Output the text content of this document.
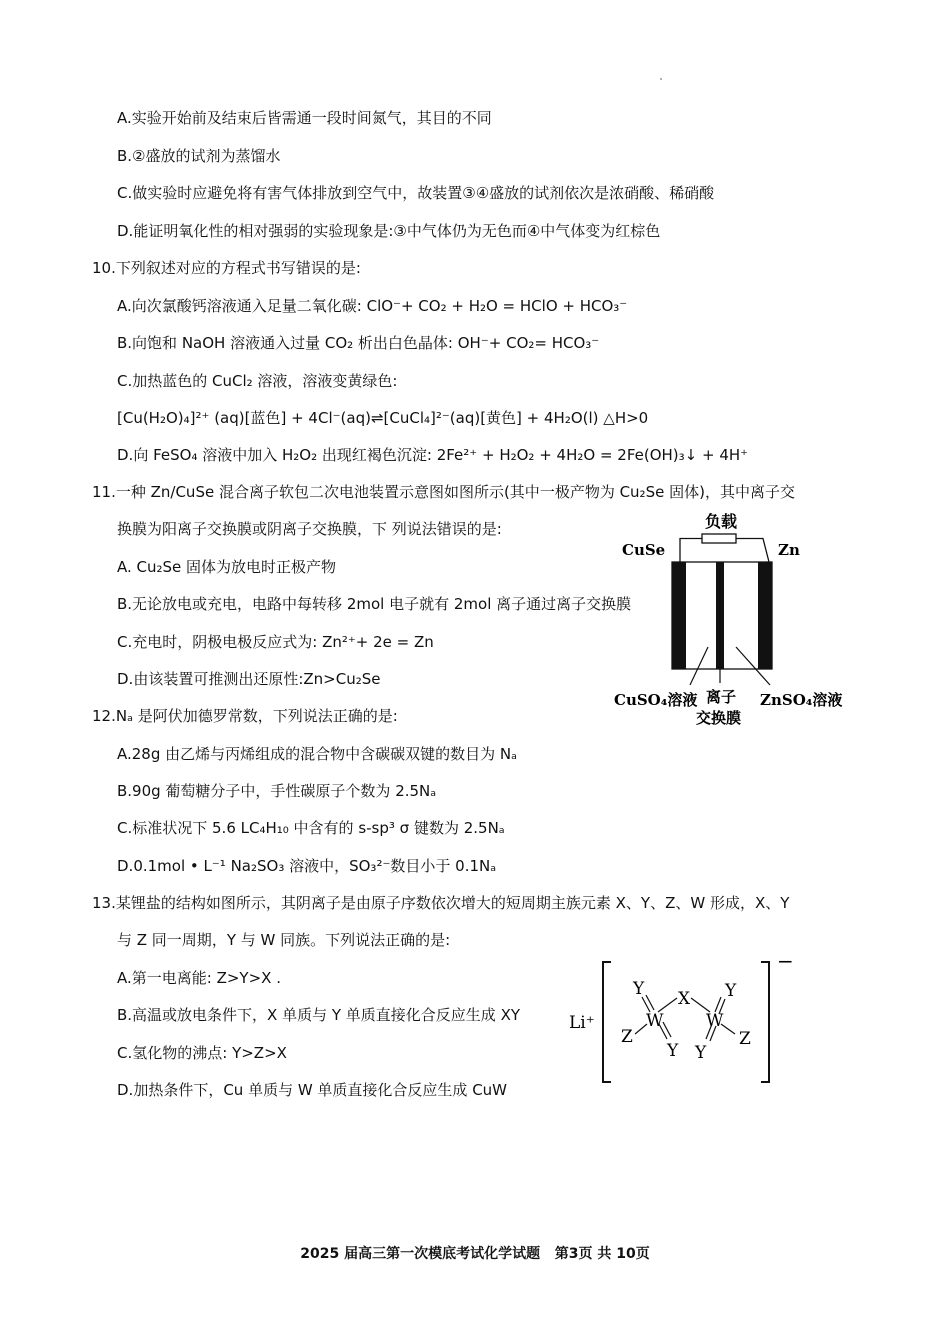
A.实验开始前及结束后皆需通一段时间氮气，其目的不同
B.②盛放的试剂为蒸馏水
C.做实验时应避免将有害气体排放到空气中，故装置③④盛放的试剂依次是浓硝酸、稀硝酸
D.能证明氧化性的相对强弱的实验现象是:③中气体仍为无色而④中气体变为红棕色
10.下列叙述对应的方程式书写错误的是:
A.向次氯酸钙溶液通入足量二氧化碳: ClO⁻+ CO₂ + H₂O = HClO + HCO₃⁻
B.向饱和 NaOH 溶液通入过量 CO₂ 析出白色晶体: OH⁻+ CO₂= HCO₃⁻
C.加热蓝色的 CuCl₂ 溶液，溶液变黄绿色:
[Cu(H₂O)₄]²⁺ (aq)[蓝色] + 4Cl⁻(aq)⇌[CuCl₄]²⁻(aq)[黄色] + 4H₂O(l) △H>0
D.向 FeSO₄ 溶液中加入 H₂O₂ 出现红褐色沉淀: 2Fe²⁺ + H₂O₂ + 4H₂O = 2Fe(OH)₃↓ + 4H⁺
11.一种 Zn/CuSe 混合离子软包二次电池装置示意图如图所示(其中一极产物为 Cu₂Se 固体)，其中离子交
换膜为阳离子交换膜或阴离子交换膜，下 列说法错误的是:
A. Cu₂Se 固体为放电时正极产物
B.无论放电或充电，电路中每转移 2mol 电子就有 2mol 离子通过离子交换膜
C.充电时，阴极电极反应式为: Zn²⁺+ 2e = Zn
D.由该装置可推测出还原性:Zn>Cu₂Se
负载
CuSe	Zn
CuSO₄溶液 离子
交换膜
ZnSO₄溶液
12.Nₐ 是阿伏加德罗常数，下列说法正确的是:
A.28g 由乙烯与丙烯组成的混合物中含碳碳双键的数目为 Nₐ
B.90g 葡萄糖分子中，手性碳原子个数为 2.5Nₐ
C.标准状况下 5.6 LC₄H₁₀ 中含有的 s-sp³ σ 键数为 2.5Nₐ
D.0.1mol • L⁻¹ Na₂SO₃ 溶液中，SO₃²⁻数目小于 0.1Nₐ
13.某锂盐的结构如图所示，其阴离子是由原子序数依次增大的短周期主族元素 X、Y、Z、W 形成，X、Y
与 Z 同一周期，Y 与 W 同族。下列说法正确的是:
A.第一电离能: Z>Y>X .
B.高温或放电条件下，X 单质与 Y 单质直接化合反应生成 XY
C.氢化物的沸点: Y>Z>X
D.加热条件下，Cu 单质与 W 单质直接化合反应生成 CuW
Li⁺
−
Y X Y
W	W
Z
Y Y
Z
2025 届高三第一次模底考试化学试题 第3页 共 10页
